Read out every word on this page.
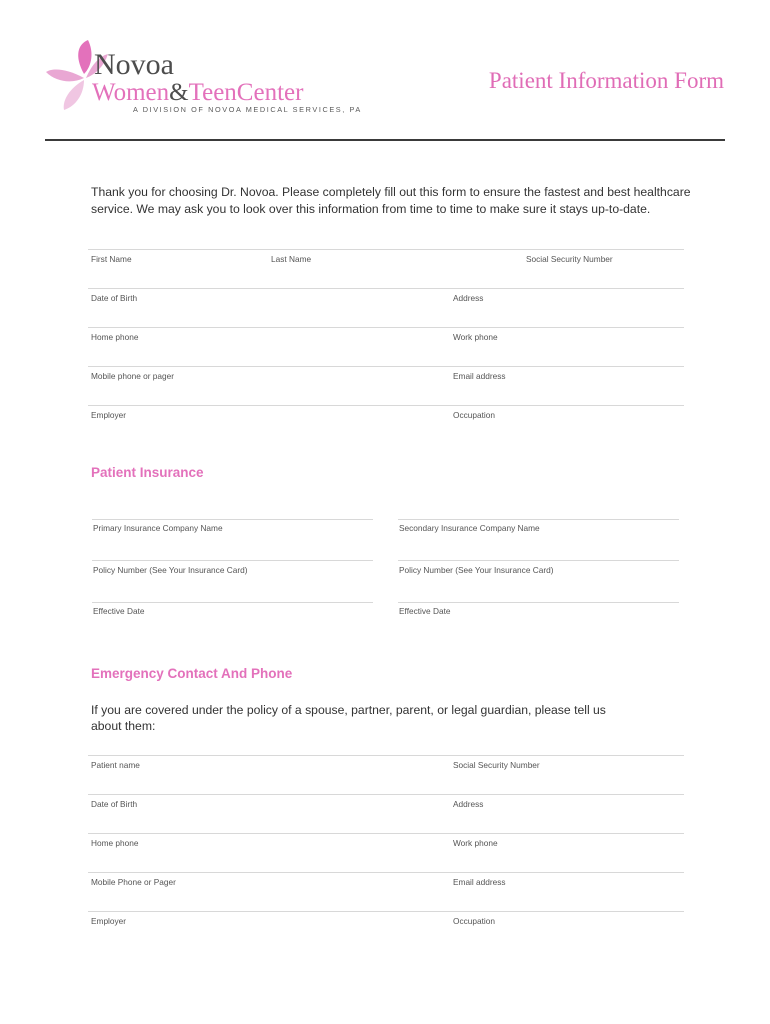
Novoa
Women&TeenCenter
A DIVISION OF NOVOA MEDICAL SERVICES, PA
Patient Information Form
Thank you for choosing Dr. Novoa. Please completely fill out this form to ensure the fastest and best healthcare service. We may ask you to look over this information from time to time to make sure it stays up-to-date.
First Name	Last Name	Social Security Number
Date of Birth	Address
Home phone	Work phone
Mobile phone or pager	Email address
Employer	Occupation
Patient Insurance
Primary Insurance Company Name	Secondary Insurance Company Name
Policy Number (See Your Insurance Card)	Policy Number (See Your Insurance Card)
Effective Date	Effective Date
Emergency Contact And Phone
If you are covered under the policy of a spouse, partner, parent, or legal guardian, please tell us about them:
Patient name	Social Security Number
Date of Birth	Address
Home phone	Work phone
Mobile Phone or Pager	Email address
Employer	Occupation
